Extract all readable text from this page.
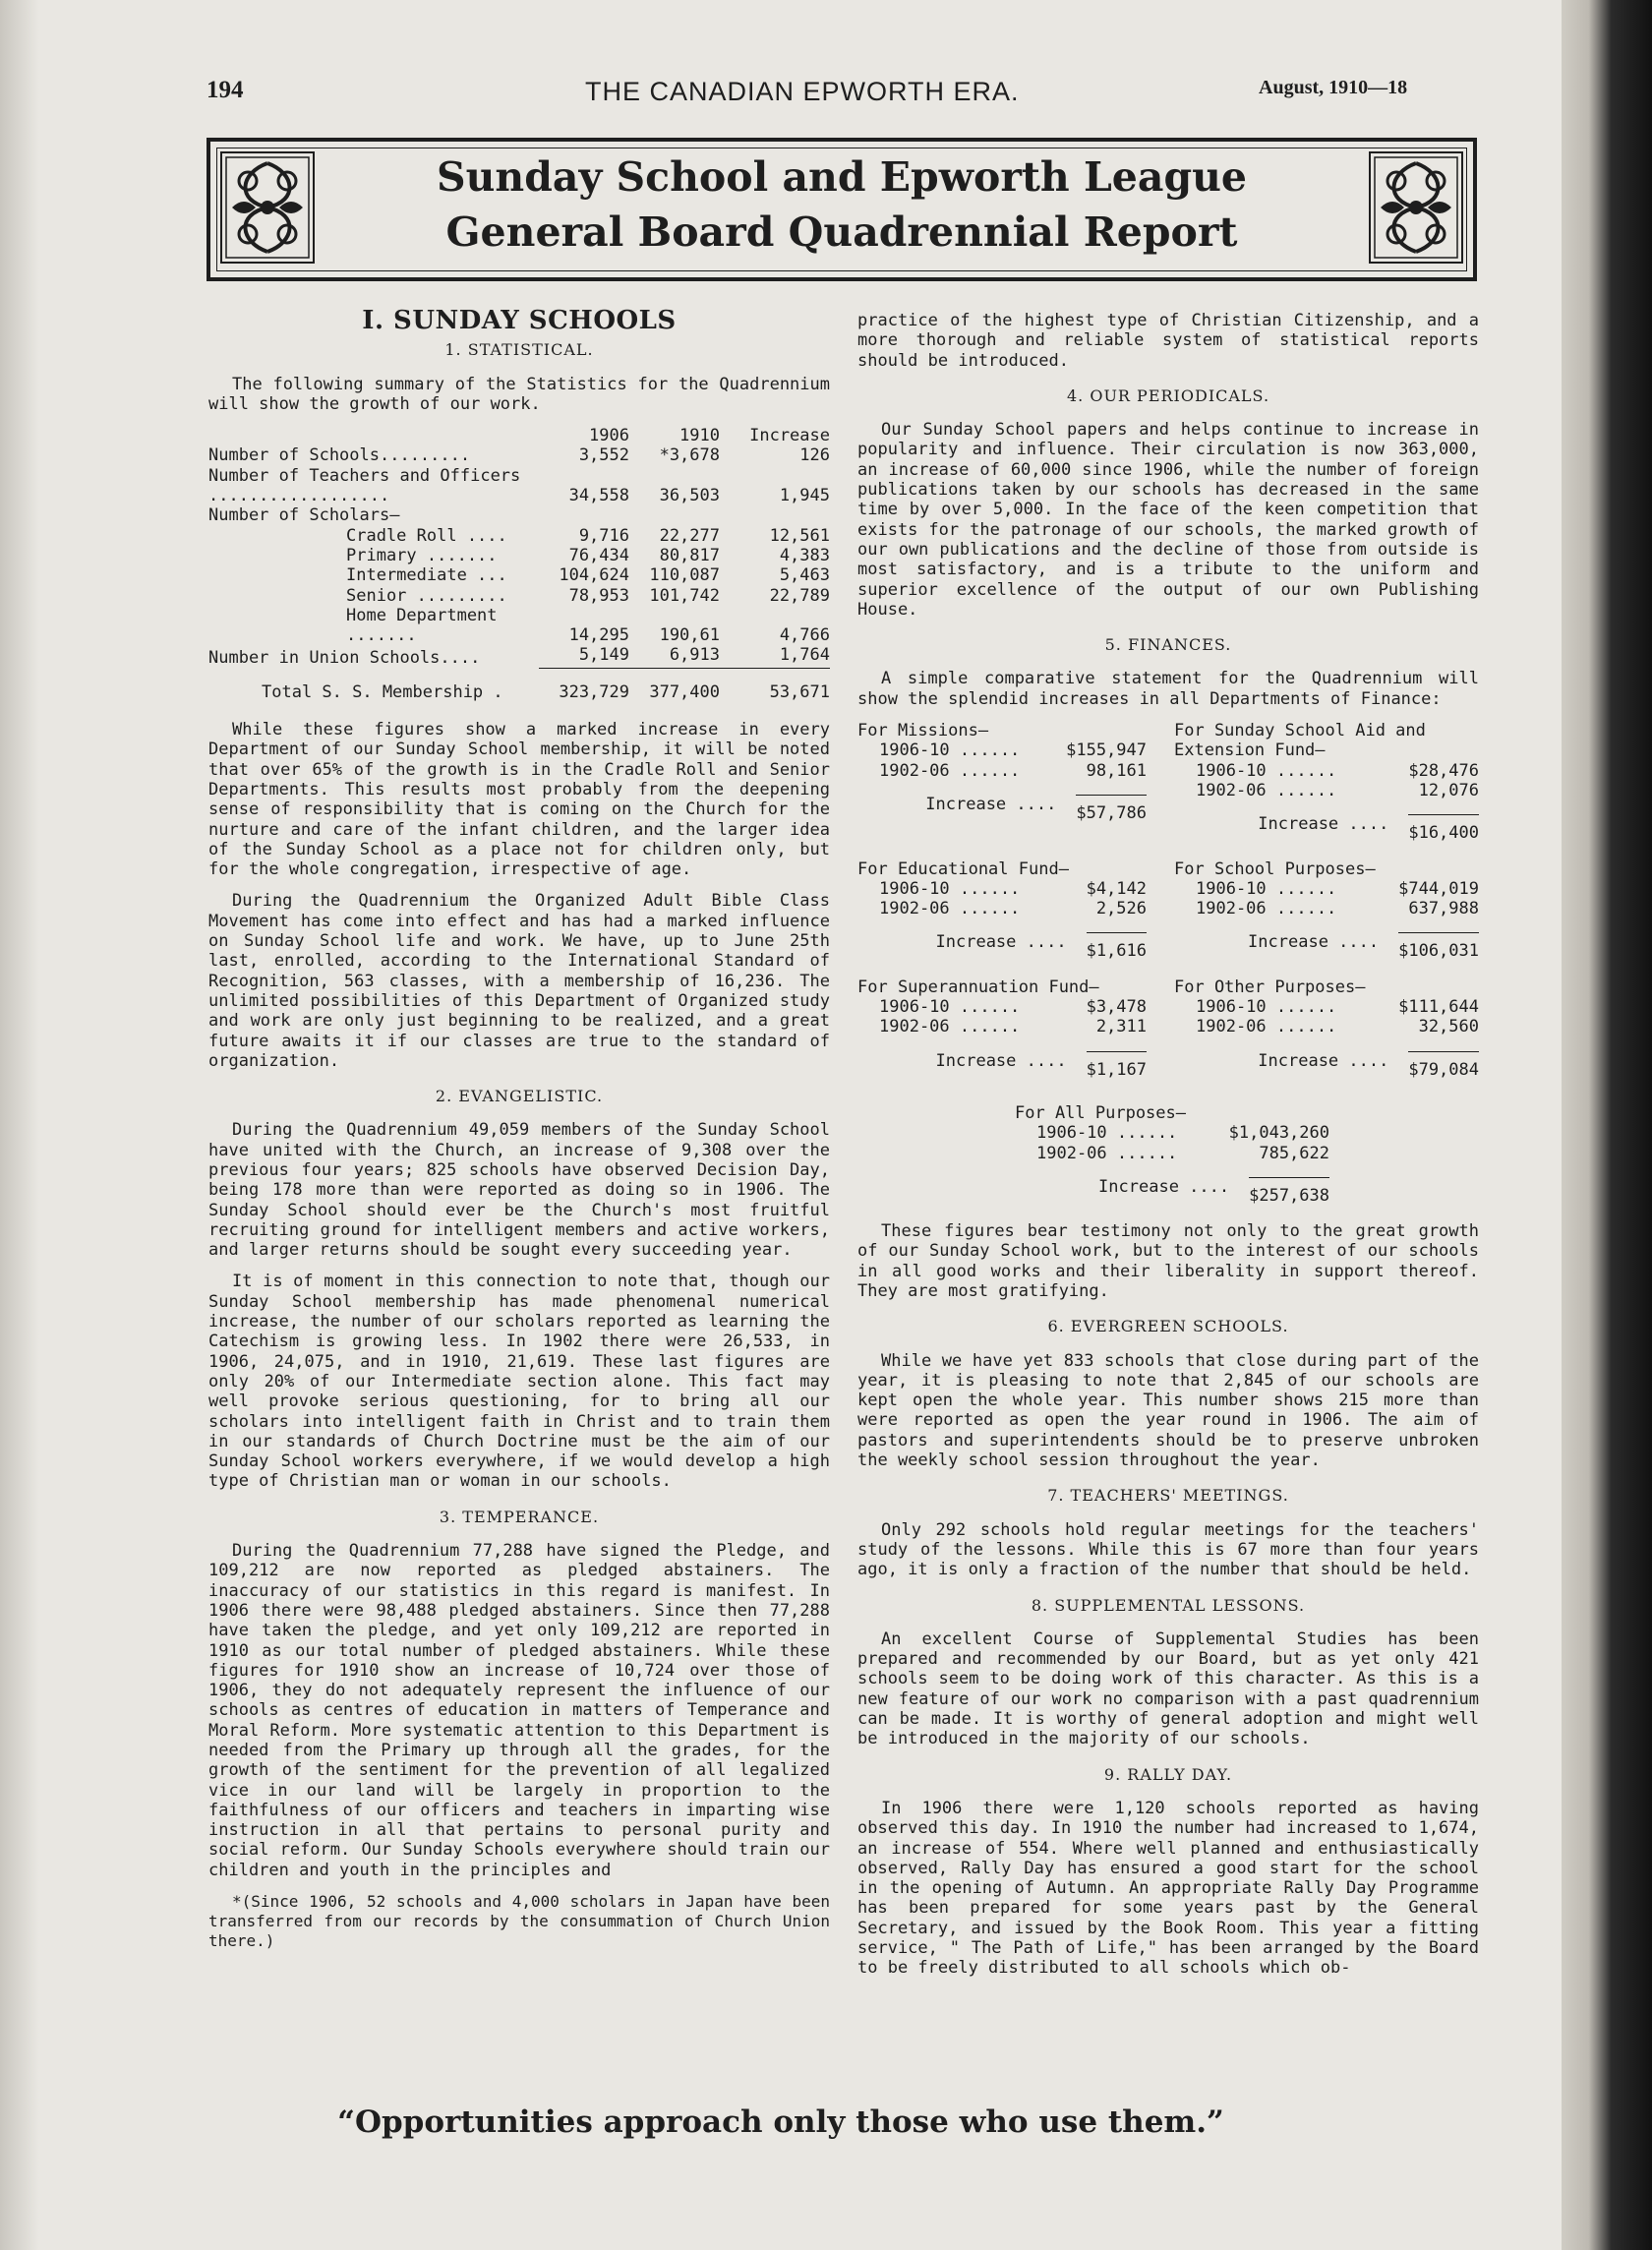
194	THE CANADIAN EPWORTH ERA.	August, 1910—18
Sunday School and Epworth League
General Board Quadrennial Report
I. SUNDAY SCHOOLS
1. STATISTICAL.

The following summary of the Statistics for the Quadrennium will show the growth of our work.

	1906	1910	Increase
Number of Schools.........	3,552	*3,678	126
Number of Teachers and Officers ..................	34,558	36,503	1,945
Number of Scholars—			
Cradle Roll ....	9,716	22,277	12,561
Primary .......	76,434	80,817	4,383
Intermediate ...	104,624	110,087	5,463
Senior .........	78,953	101,742	22,789
Home Department .......	14,295	190,61	4,766
Number in Union Schools....	5,149	6,913	1,764
Total S. S. Membership .	323,729	377,400	53,671

While these figures show a marked increase in every Department of our Sunday School membership, it will be noted that over 65% of the growth is in the Cradle Roll and Senior Departments. This results most probably from the deepening sense of responsibility that is coming on the Church for the nurture and care of the infant children, and the larger idea of the Sunday School as a place not for children only, but for the whole congregation, irrespective of age.

During the Quadrennium the Organized Adult Bible Class Movement has come into effect and has had a marked influence on Sunday School life and work. We have, up to June 25th last, enrolled, according to the International Standard of Recognition, 563 classes, with a membership of 16,236. The unlimited possibilities of this Department of Organized study and work are only just beginning to be realized, and a great future awaits it if our classes are true to the standard of organization.

2. EVANGELISTIC.

During the Quadrennium 49,059 members of the Sunday School have united with the Church, an increase of 9,308 over the previous four years; 825 schools have observed Decision Day, being 178 more than were reported as doing so in 1906. The Sunday School should ever be the Church's most fruitful recruiting ground for intelligent members and active workers, and larger returns should be sought every succeeding year.

It is of moment in this connection to note that, though our Sunday School membership has made phenomenal numerical increase, the number of our scholars reported as learning the Catechism is growing less. In 1902 there were 26,533, in 1906, 24,075, and in 1910, 21,619. These last figures are only 20% of our Intermediate section alone. This fact may well provoke serious questioning, for to bring all our scholars into intelligent faith in Christ and to train them in our standards of Church Doctrine must be the aim of our Sunday School workers everywhere, if we would develop a high type of Christian man or woman in our schools.

3. TEMPERANCE.

During the Quadrennium 77,288 have signed the Pledge, and 109,212 are now reported as pledged abstainers. The inaccuracy of our statistics in this regard is manifest. In 1906 there were 98,488 pledged abstainers. Since then 77,288 have taken the pledge, and yet only 109,212 are reported in 1910 as our total number of pledged abstainers. While these figures for 1910 show an increase of 10,724 over those of 1906, they do not adequately represent the influence of our schools as centres of education in matters of Temperance and Moral Reform. More systematic attention to this Department is needed from the Primary up through all the grades, for the growth of the sentiment for the prevention of all legalized vice in our land will be largely in proportion to the faithfulness of our officers and teachers in imparting wise instruction in all that pertains to personal purity and social reform. Our Sunday Schools everywhere should train our children and youth in the principles and

*(Since 1906, 52 schools and 4,000 scholars in Japan have been transferred from our records by the consummation of Church Union there.)

practice of the highest type of Christian Citizenship, and a more thorough and reliable system of statistical reports should be introduced.

4. OUR PERIODICALS.

Our Sunday School papers and helps continue to increase in popularity and influence. Their circulation is now 363,000, an increase of 60,000 since 1906, while the number of foreign publications taken by our schools has decreased in the same time by over 5,000. In the face of the keen competition that exists for the patronage of our schools, the marked growth of our own publications and the decline of those from outside is most satisfactory, and is a tribute to the uniform and superior excellence of the output of our own Publishing House.

5. FINANCES.

A simple comparative statement for the Quadrennium will show the splendid increases in all Departments of Finance:

For Missions—
1906-10 ......	$155,947
1902-06 ......	98,161
Increase .... $57,786
For Sunday School Aid and Extension Fund—
1906-10 ......	$28,476
1902-06 ......	12,076
Increase .... $16,400
For Educational Fund—
1906-10 ......	$4,142
1902-06 ......	2,526
Increase .... $1,616
For School Purposes—
1906-10 ......	$744,019
1902-06 ......	637,988
Increase .... $106,031
For Superannuation Fund—
1906-10 ......	$3,478
1902-06 ......	2,311
Increase .... $1,167
For Other Purposes—
1906-10 ......	$111,644
1902-06 ......	32,560
Increase .... $79,084
For All Purposes—
1906-10 ......	$1,043,260
1902-06 ......	785,622
Increase .... $257,638

These figures bear testimony not only to the great growth of our Sunday School work, but to the interest of our schools in all good works and their liberality in support thereof. They are most gratifying.

6. EVERGREEN SCHOOLS.

While we have yet 833 schools that close during part of the year, it is pleasing to note that 2,845 of our schools are kept open the whole year. This number shows 215 more than were reported as open the year round in 1906. The aim of pastors and superintendents should be to preserve unbroken the weekly school session throughout the year.

7. TEACHERS' MEETINGS.

Only 292 schools hold regular meetings for the teachers' study of the lessons. While this is 67 more than four years ago, it is only a fraction of the number that should be held.

8. SUPPLEMENTAL LESSONS.

An excellent Course of Supplemental Studies has been prepared and recommended by our Board, but as yet only 421 schools seem to be doing work of this character. As this is a new feature of our work no comparison with a past quadrennium can be made. It is worthy of general adoption and might well be introduced in the majority of our schools.

9. RALLY DAY.

In 1906 there were 1,120 schools reported as having observed this day. In 1910 the number had increased to 1,674, an increase of 554. Where well planned and enthusiastically observed, Rally Day has ensured a good start for the school in the opening of Autumn. An appropriate Rally Day Programme has been prepared for some years past by the General Secretary, and issued by the Book Room. This year a fitting service, " The Path of Life," has been arranged by the Board to be freely distributed to all schools which ob-

“Opportunities approach only those who use them.”
